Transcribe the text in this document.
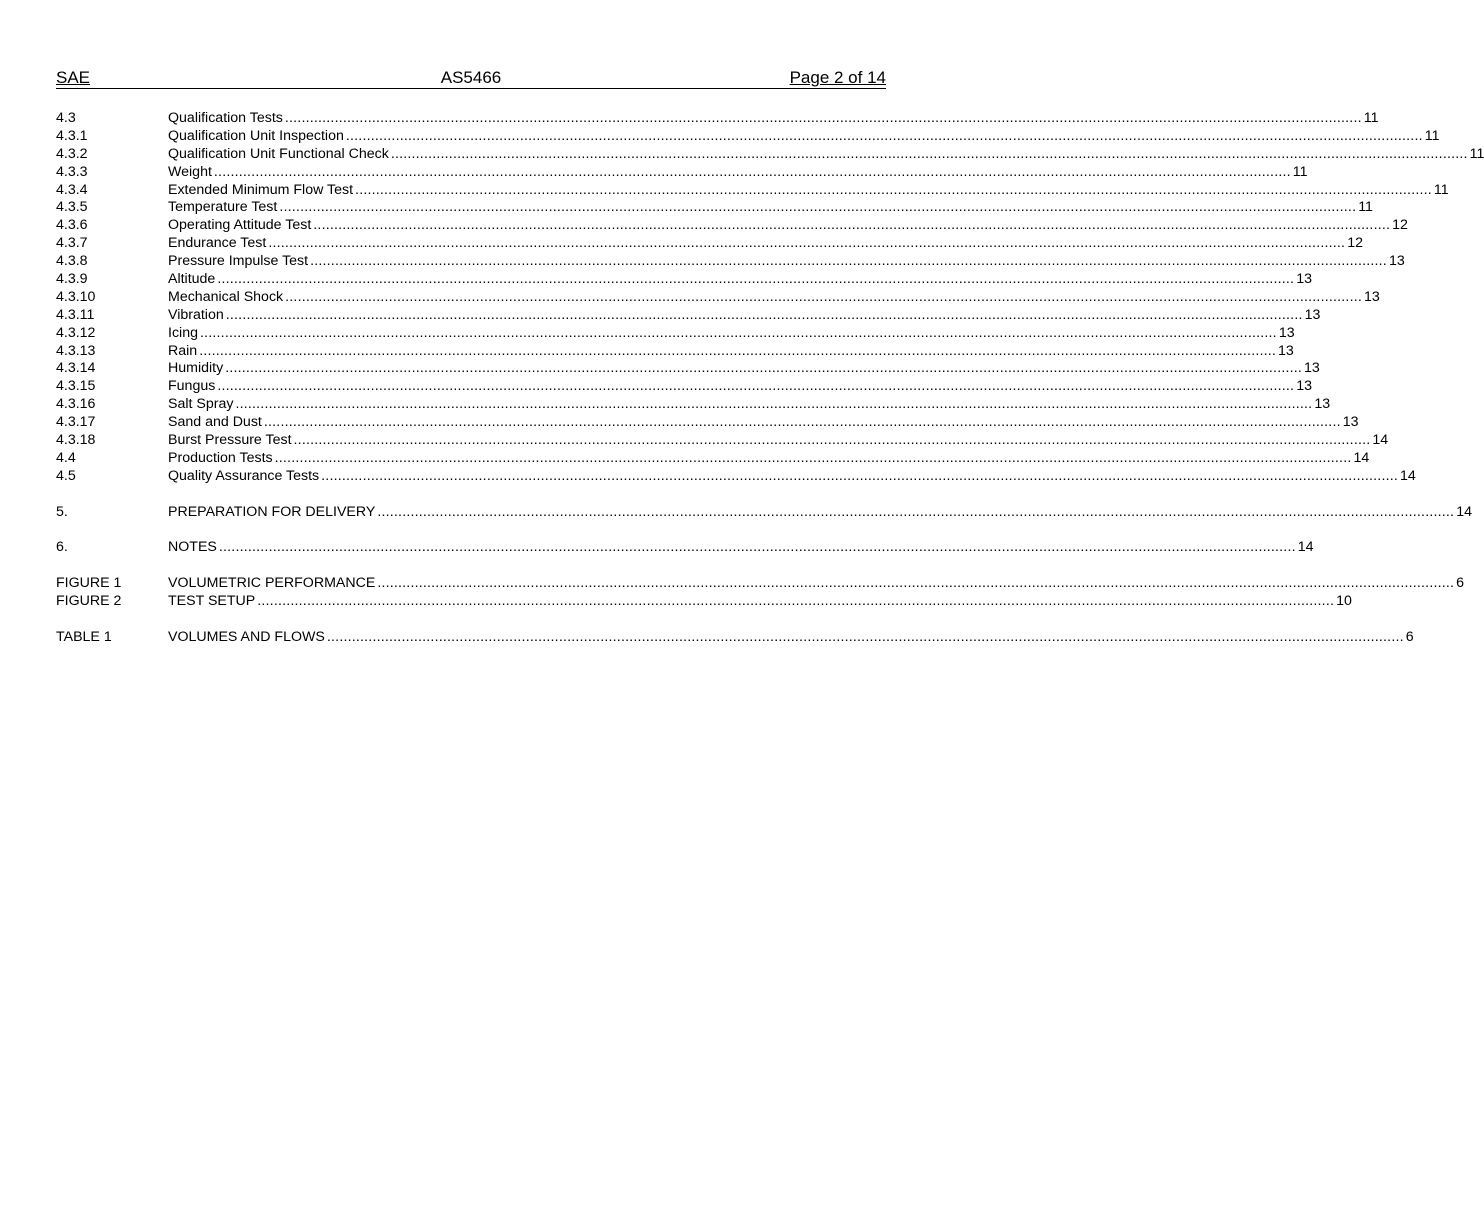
SAE	AS5466	Page 2 of 14
4.3	Qualification Tests .................................................................................................................................................................................................................................................................... 11
4.3.1	Qualification Unit Inspection .................................................................................................................................................................................................................................................................... 11
4.3.2	Qualification Unit Functional Check .................................................................................................................................................................................................................................................................... 11
4.3.3	Weight .................................................................................................................................................................................................................................................................... 11
4.3.4	Extended Minimum Flow Test .................................................................................................................................................................................................................................................................... 11
4.3.5	Temperature Test .................................................................................................................................................................................................................................................................... 11
4.3.6	Operating Attitude Test .................................................................................................................................................................................................................................................................... 12
4.3.7	Endurance Test .................................................................................................................................................................................................................................................................... 12
4.3.8	Pressure Impulse Test .................................................................................................................................................................................................................................................................... 13
4.3.9	Altitude .................................................................................................................................................................................................................................................................... 13
4.3.10	Mechanical Shock .................................................................................................................................................................................................................................................................... 13
4.3.11	Vibration .................................................................................................................................................................................................................................................................... 13
4.3.12	Icing .................................................................................................................................................................................................................................................................... 13
4.3.13	Rain .................................................................................................................................................................................................................................................................... 13
4.3.14	Humidity .................................................................................................................................................................................................................................................................... 13
4.3.15	Fungus .................................................................................................................................................................................................................................................................... 13
4.3.16	Salt Spray .................................................................................................................................................................................................................................................................... 13
4.3.17	Sand and Dust .................................................................................................................................................................................................................................................................... 13
4.3.18	Burst Pressure Test .................................................................................................................................................................................................................................................................... 14
4.4	Production Tests .................................................................................................................................................................................................................................................................... 14
4.5	Quality Assurance Tests .................................................................................................................................................................................................................................................................... 14
5.	PREPARATION FOR DELIVERY .................................................................................................................................................................................................................................................................... 14
6.	NOTES .................................................................................................................................................................................................................................................................... 14
FIGURE 1	VOLUMETRIC PERFORMANCE .................................................................................................................................................................................................................................................................... 6
FIGURE 2	TEST SETUP .................................................................................................................................................................................................................................................................... 10
TABLE 1	VOLUMES AND FLOWS .................................................................................................................................................................................................................................................................... 6
